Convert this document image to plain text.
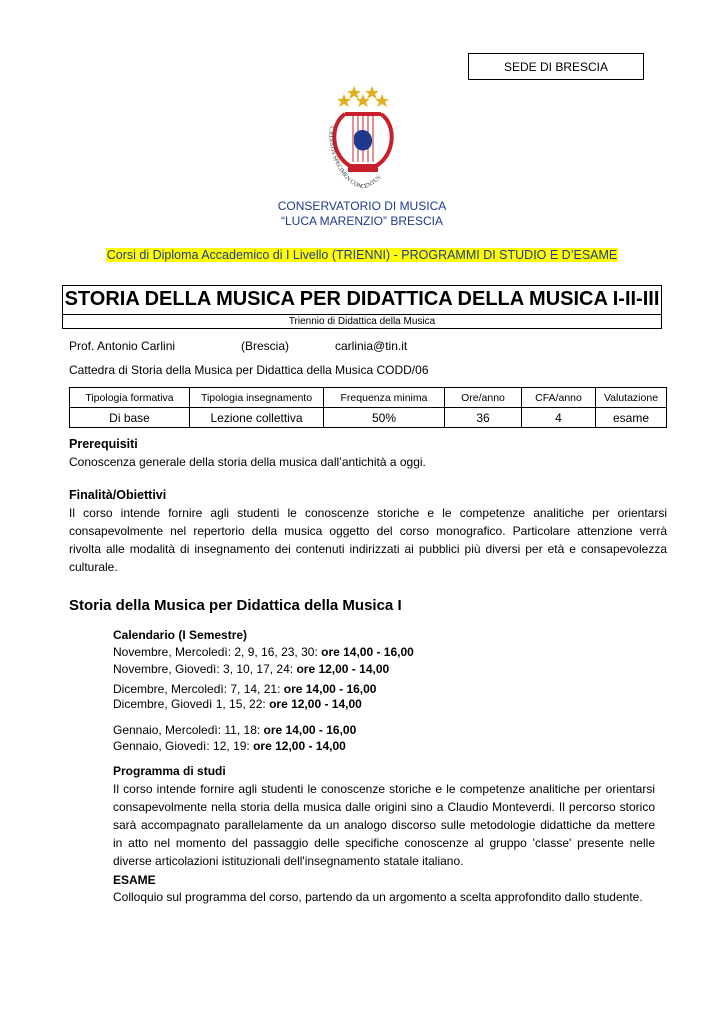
SEDE DI BRESCIA
CÆLESTIS SPECIMEN CONCENTUS
CONSERVATORIO DI MUSICA
“LUCA MARENZIO” BRESCIA
Corsi di Diploma Accademico di I Livello (TRIENNI) - PROGRAMMI DI STUDIO E D’ESAME
STORIA DELLA MUSICA PER DIDATTICA DELLA MUSICA I-II-III
Triennio di Didattica della Musica
Prof. Antonio Carlini	(Brescia)	carlinia@tin.it
Cattedra di Storia della Musica per Didattica della Musica CODD/06
Tipologia formativa	Tipologia insegnamento	Frequenza minima	Ore/anno	CFA/anno	Valutazione
Di base	Lezione collettiva	50%	36	4	esame
Prerequisiti
Conoscenza generale della storia della musica dall’antichità a oggi.
Finalità/Obiettivi
Il corso intende fornire agli studenti le conoscenze storiche e le competenze analitiche per orientarsi
consapevolmente nel repertorio della musica oggetto del corso monografico. Particolare attenzione verrà
rivolta alle modalità di insegnamento dei contenuti indirizzati ai pubblici più diversi per età e consapevolezza
culturale.
Storia della Musica per Didattica della Musica I
Calendario (I Semestre)
Novembre, Mercoledì: 2, 9, 16, 23, 30: ore 14,00 - 16,00
Novembre, Giovedì: 3, 10, 17, 24: ore 12,00 - 14,00
Dicembre, Mercoledì: 7, 14, 21: ore 14,00 - 16,00
Dicembre, Giovedì 1, 15, 22: ore 12,00 - 14,00
Gennaio, Mercoledì: 11, 18: ore 14,00 - 16,00
Gennaio, Giovedì: 12, 19: ore 12,00 - 14,00
Programma di studi
Il corso intende fornire agli studenti le conoscenze storiche e le competenze analitiche per orientarsi
consapevolmente nella storia della musica dalle origini sino a Claudio Monteverdi. Il percorso storico
sarà accompagnato parallelamente da un analogo discorso sulle metodologie didattiche da mettere
in atto nel momento del passaggio delle specifiche conoscenze al gruppo 'classe' presente nelle
diverse articolazioni istituzionali dell'insegnamento statale italiano.
ESAME
Colloquio sul programma del corso, partendo da un argomento a scelta approfondito dallo studente.
